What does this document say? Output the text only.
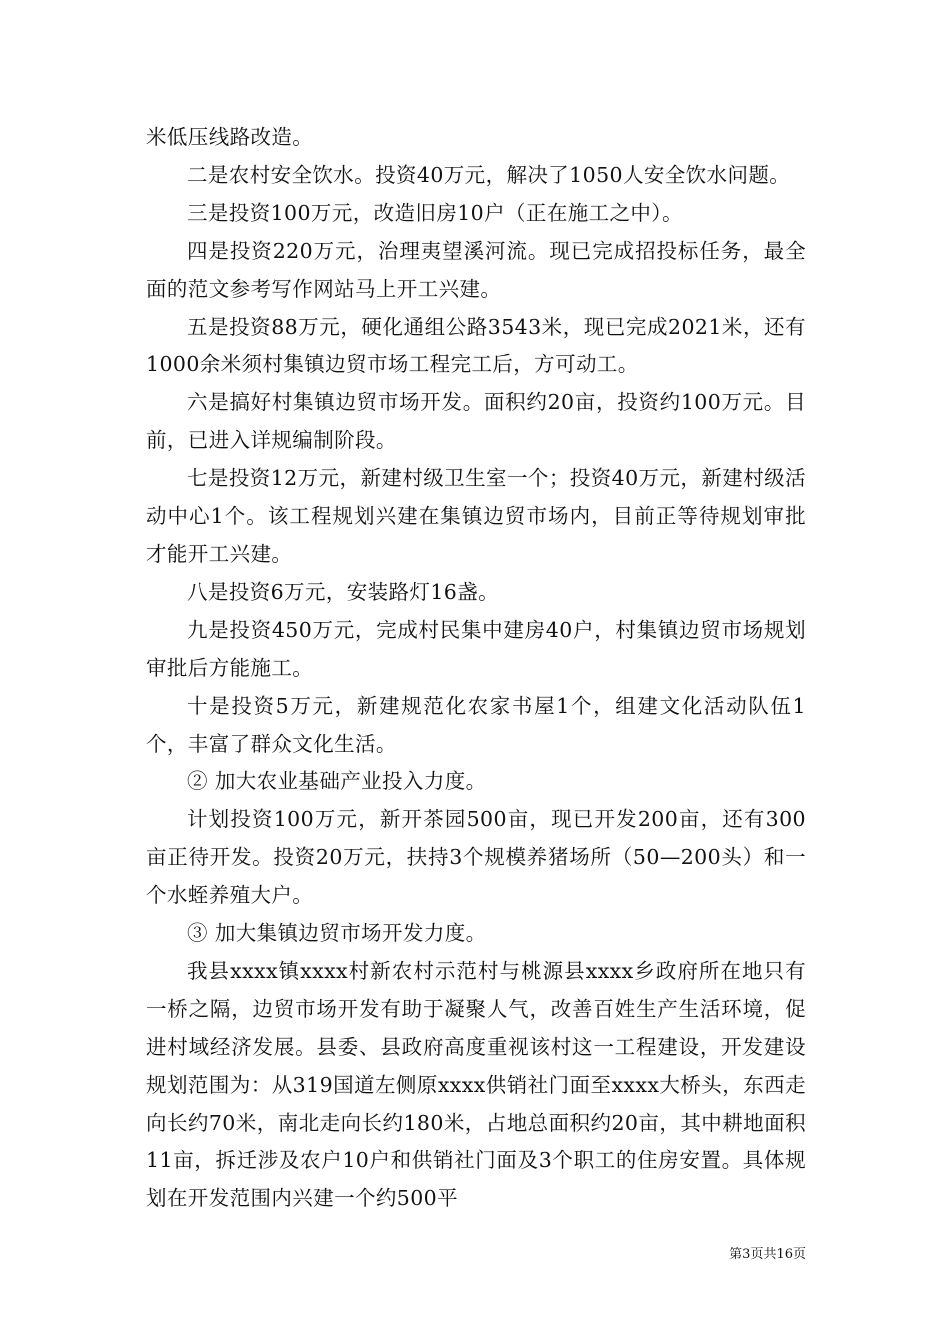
米低压线路改造。

二是农村安全饮水。投资40万元，解决了1050人安全饮水问题。

三是投资100万元，改造旧房10户（正在施工之中）。

四是投资220万元，治理夷望溪河流。现已完成招投标任务，最全面的范文参考写作网站马上开工兴建。

五是投资88万元，硬化通组公路3543米，现已完成2021米，还有1000余米须村集镇边贸市场工程完工后，方可动工。

六是搞好村集镇边贸市场开发。面积约20亩，投资约100万元。目前，已进入详规编制阶段。

七是投资12万元，新建村级卫生室一个；投资40万元，新建村级活动中心1个。该工程规划兴建在集镇边贸市场内，目前正等待规划审批才能开工兴建。

八是投资6万元，安装路灯16盏。

九是投资450万元，完成村民集中建房40户，村集镇边贸市场规划审批后方能施工。

十是投资5万元，新建规范化农家书屋1个，组建文化活动队伍1个，丰富了群众文化生活。

② 加大农业基础产业投入力度。

计划投资100万元，新开茶园500亩，现已开发200亩，还有300亩正待开发。投资20万元，扶持3个规模养猪场所（50—200头）和一个水蛭养殖大户。

③ 加大集镇边贸市场开发力度。

我县xxxx镇xxxx村新农村示范村与桃源县xxxx乡政府所在地只有一桥之隔，边贸市场开发有助于凝聚人气，改善百姓生产生活环境，促进村域经济发展。县委、县政府高度重视该村这一工程建设，开发建设规划范围为：从319国道左侧原xxxx供销社门面至xxxx大桥头，东西走向长约70米，南北走向长约180米，占地总面积约20亩，其中耕地面积11亩，拆迁涉及农户10户和供销社门面及3个职工的住房安置。具体规划在开发范围内兴建一个约500平

第3页共16页
